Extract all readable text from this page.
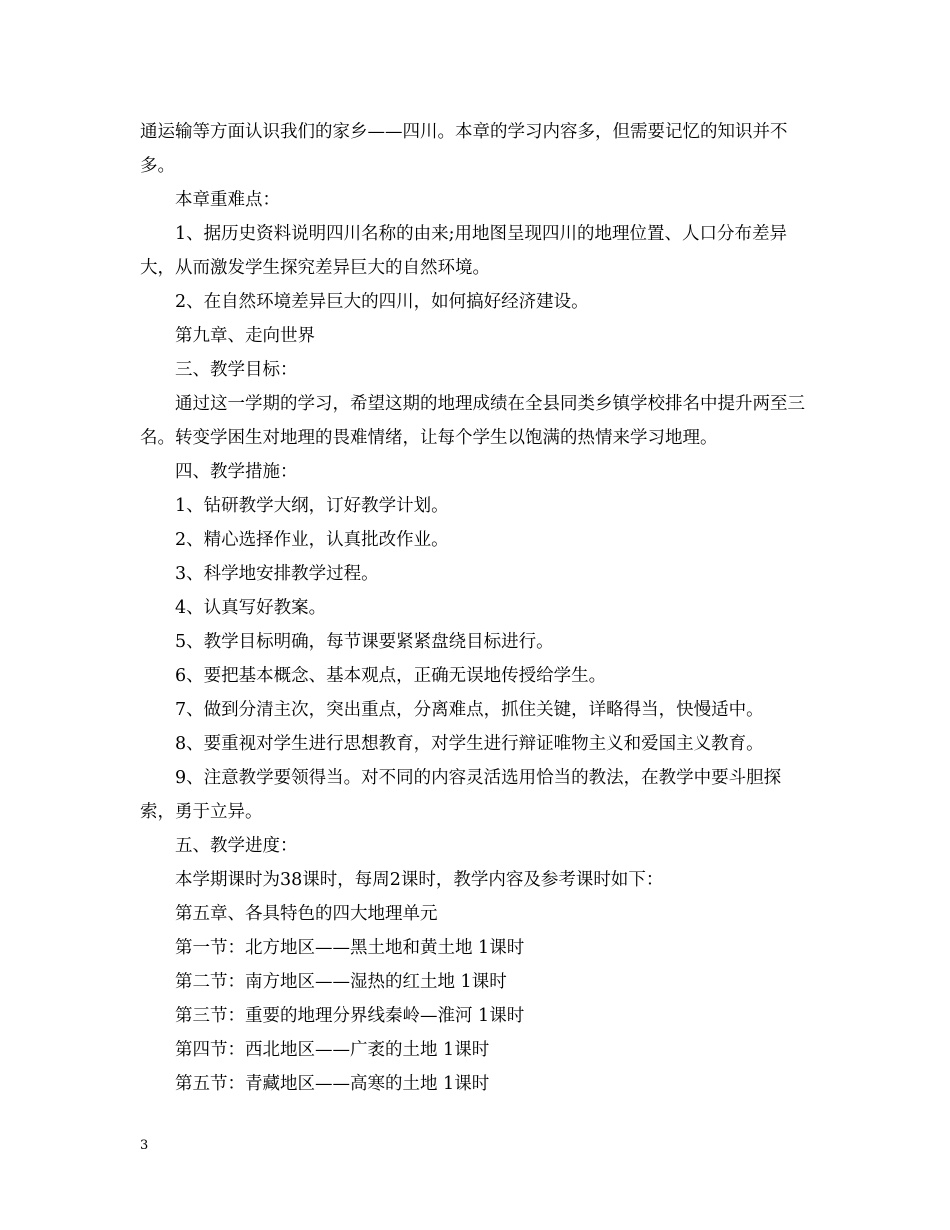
通运输等方面认识我们的家乡——四川。本章的学习内容多，但需要记忆的知识并不多。

本章重难点：

1、据历史资料说明四川名称的由来;用地图呈现四川的地理位置、人口分布差异大，从而激发学生探究差异巨大的自然环境。

2、在自然环境差异巨大的四川，如何搞好经济建设。

第九章、走向世界

三、教学目标：

通过这一学期的学习，希望这期的地理成绩在全县同类乡镇学校排名中提升两至三名。转变学困生对地理的畏难情绪，让每个学生以饱满的热情来学习地理。

四、教学措施：

1、钻研教学大纲，订好教学计划。

2、精心选择作业，认真批改作业。

3、科学地安排教学过程。

4、认真写好教案。

5、教学目标明确，每节课要紧紧盘绕目标进行。

6、要把基本概念、基本观点，正确无误地传授给学生。

7、做到分清主次，突出重点，分离难点，抓住关键，详略得当，快慢适中。

8、要重视对学生进行思想教育，对学生进行辩证唯物主义和爱国主义教育。

9、注意教学要领得当。对不同的内容灵活选用恰当的教法，在教学中要斗胆探索，勇于立异。

五、教学进度：

本学期课时为38课时，每周2课时，教学内容及参考课时如下：

第五章、各具特色的四大地理单元

第一节：北方地区——黑土地和黄土地 1课时

第二节：南方地区——湿热的红土地 1课时

第三节：重要的地理分界线秦岭—淮河 1课时

第四节：西北地区——广袤的土地 1课时

第五节：青藏地区——高寒的土地 1课时

3
